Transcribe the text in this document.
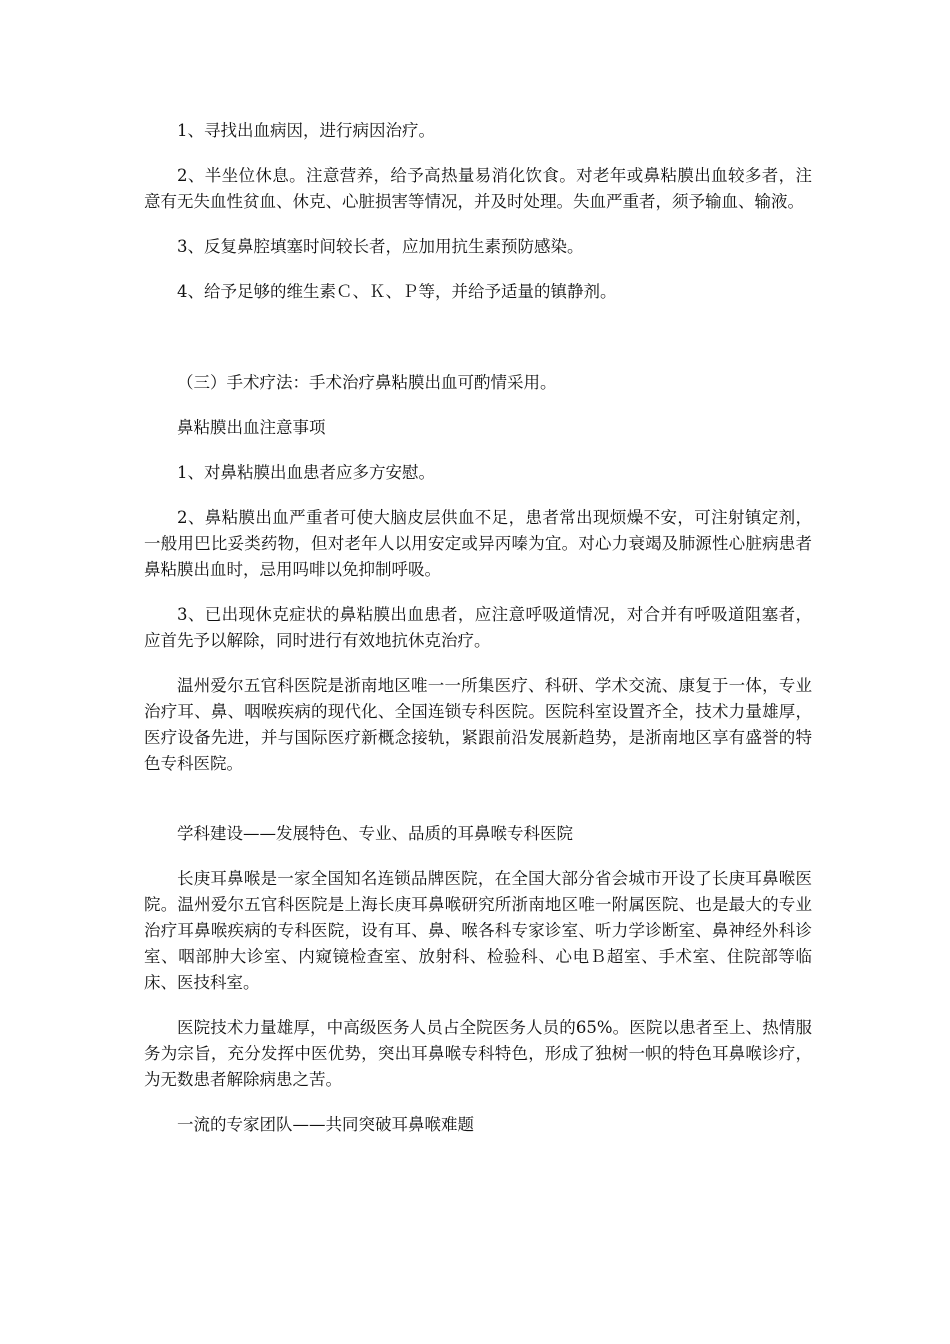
1、寻找出血病因，进行病因治疗。

2、半坐位休息。注意营养，给予高热量易消化饮食。对老年或鼻粘膜出血较多者，注意有无失血性贫血、休克、心脏损害等情况，并及时处理。失血严重者，须予输血、输液。

3、反复鼻腔填塞时间较长者，应加用抗生素预防感染。

4、给予足够的维生素Ｃ、Ｋ、Ｐ等，并给予适量的镇静剂。

（三）手术疗法：手术治疗鼻粘膜出血可酌情采用。

鼻粘膜出血注意事项

1、对鼻粘膜出血患者应多方安慰。

2、鼻粘膜出血严重者可使大脑皮层供血不足，患者常出现烦燥不安，可注射镇定剂，一般用巴比妥类药物，但对老年人以用安定或异丙嗪为宜。对心力衰竭及肺源性心脏病患者鼻粘膜出血时，忌用吗啡以免抑制呼吸。

3、已出现休克症状的鼻粘膜出血患者，应注意呼吸道情况，对合并有呼吸道阻塞者，应首先予以解除，同时进行有效地抗休克治疗。

温州爱尔五官科医院是浙南地区唯一一所集医疗、科研、学术交流、康复于一体，专业治疗耳、鼻、咽喉疾病的现代化、全国连锁专科医院。医院科室设置齐全，技术力量雄厚，医疗设备先进，并与国际医疗新概念接轨，紧跟前沿发展新趋势，是浙南地区享有盛誉的特色专科医院。

学科建设——发展特色、专业、品质的耳鼻喉专科医院

长庚耳鼻喉是一家全国知名连锁品牌医院，在全国大部分省会城市开设了长庚耳鼻喉医院。温州爱尔五官科医院是上海长庚耳鼻喉研究所浙南地区唯一附属医院、也是最大的专业治疗耳鼻喉疾病的专科医院，设有耳、鼻、喉各科专家诊室、听力学诊断室、鼻神经外科诊室、咽部肿大诊室、内窥镜检查室、放射科、检验科、心电Ｂ超室、手术室、住院部等临床、医技科室。

医院技术力量雄厚，中高级医务人员占全院医务人员的65%。医院以患者至上、热情服务为宗旨，充分发挥中医优势，突出耳鼻喉专科特色，形成了独树一帜的特色耳鼻喉诊疗，为无数患者解除病患之苦。

一流的专家团队——共同突破耳鼻喉难题
